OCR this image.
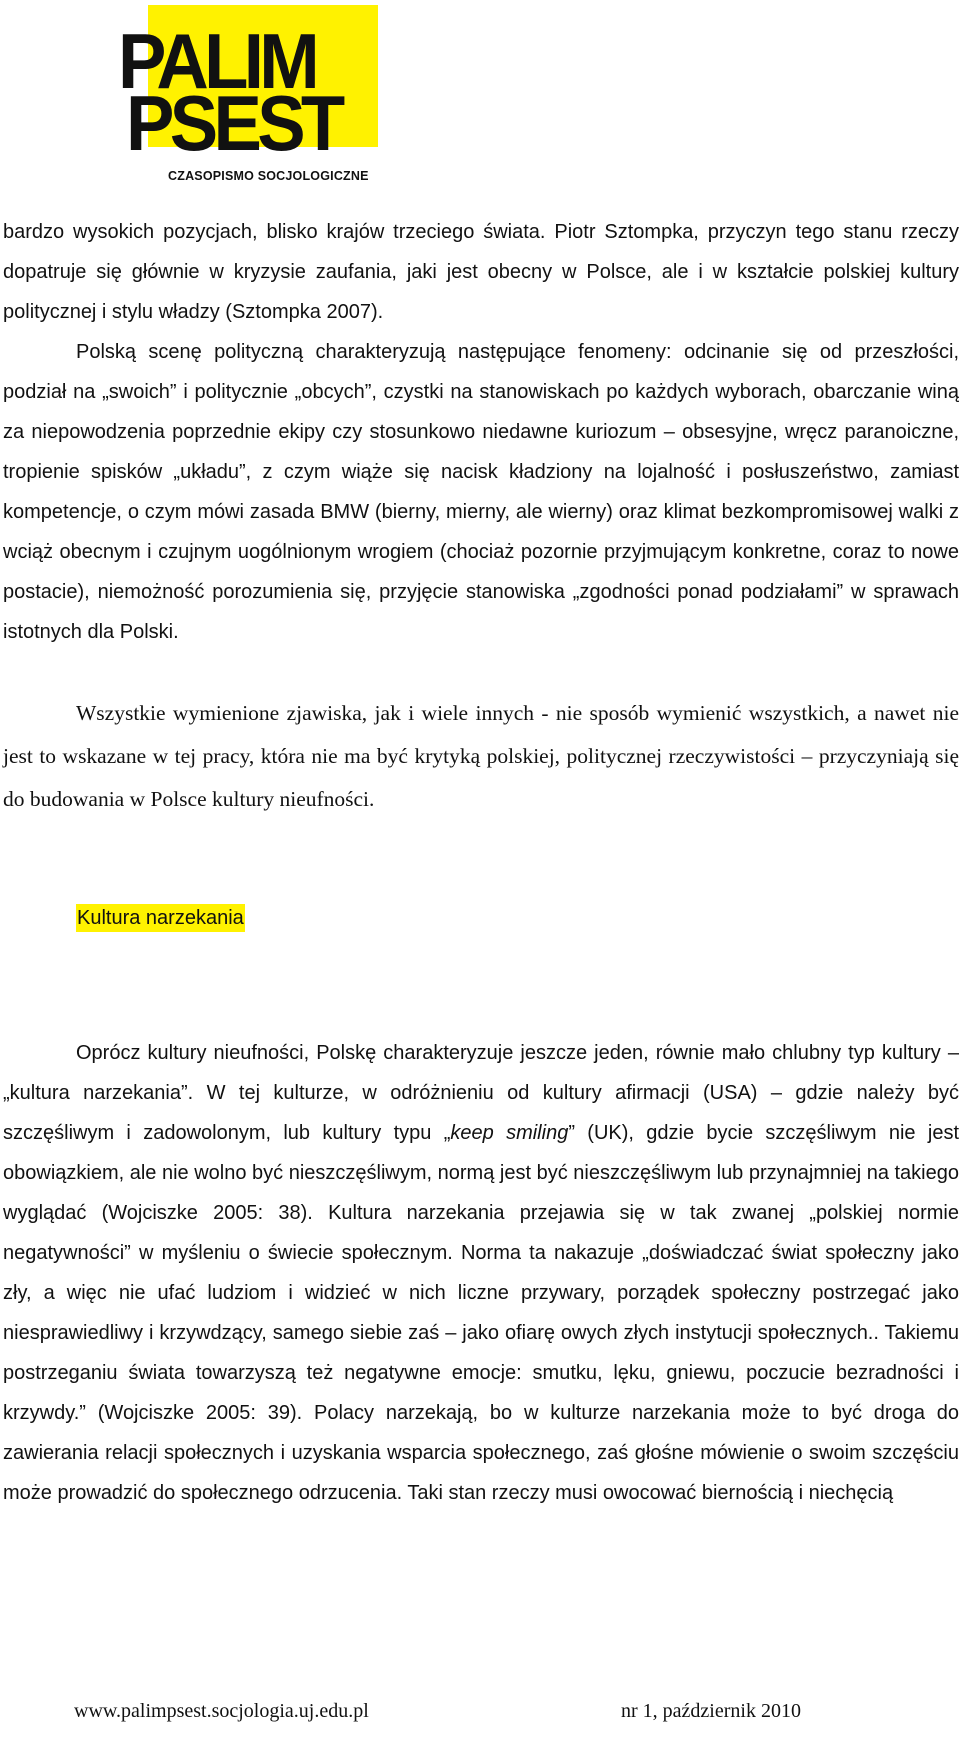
PALIM
PSEST
CZASOPISMO SOCJOLOGICZNE

bardzo wysokich pozycjach, blisko krajów trzeciego świata. Piotr Sztompka, przyczyn tego stanu rzeczy dopatruje się głównie w kryzysie zaufania, jaki jest obecny w Polsce, ale i w kształcie polskiej kultury politycznej i stylu władzy (Sztompka 2007).

Polską scenę polityczną charakteryzują następujące fenomeny: odcinanie się od przeszłości, podział na „swoich” i politycznie „obcych”, czystki na stanowiskach po każdych wyborach, obarczanie winą za niepowodzenia poprzednie ekipy czy stosunkowo niedawne kuriozum – obsesyjne, wręcz paranoiczne, tropienie spisków „układu”, z czym wiąże się nacisk kładziony na lojalność i posłuszeństwo, zamiast kompetencje, o czym mówi zasada BMW (bierny, mierny, ale wierny) oraz klimat bezkompromisowej walki z wciąż obecnym i czujnym uogólnionym wrogiem (chociaż pozornie przyjmującym konkretne, coraz to nowe postacie), niemożność porozumienia się, przyjęcie stanowiska „zgodności ponad podziałami” w sprawach istotnych dla Polski.

Wszystkie wymienione zjawiska, jak i wiele innych - nie sposób wymienić wszystkich, a nawet nie jest to wskazane w tej pracy, która nie ma być krytyką polskiej, politycznej rzeczywistości – przyczyniają się do budowania w Polsce kultury nieufności.

Kultura narzekania

Oprócz kultury nieufności, Polskę charakteryzuje jeszcze jeden, równie mało chlubny typ kultury – „kultura narzekania”. W tej kulturze, w odróżnieniu od kultury afirmacji (USA) – gdzie należy być szczęśliwym i zadowolonym, lub kultury typu „keep smiling” (UK), gdzie bycie szczęśliwym nie jest obowiązkiem, ale nie wolno być nieszczęśliwym, normą jest być nieszczęśliwym lub przynajmniej na takiego wyglądać (Wojciszke 2005: 38). Kultura narzekania przejawia się w tak zwanej „polskiej normie negatywności” w myśleniu o świecie społecznym. Norma ta nakazuje „doświadczać świat społeczny jako zły, a więc nie ufać ludziom i widzieć w nich liczne przywary, porządek społeczny postrzegać jako niesprawiedliwy i krzywdzący, samego siebie zaś – jako ofiarę owych złych instytucji społecznych.. Takiemu postrzeganiu świata towarzyszą też negatywne emocje: smutku, lęku, gniewu, poczucie bezradności i krzywdy.” (Wojciszke 2005: 39). Polacy narzekają, bo w kulturze narzekania może to być droga do zawierania relacji społecznych i uzyskania wsparcia społecznego, zaś głośne mówienie o swoim szczęściu może prowadzić do społecznego odrzucenia. Taki stan rzeczy musi owocować biernością i niechęcią

www.palimpsest.socjologia.uj.edu.pl	nr 1, październik 2010
